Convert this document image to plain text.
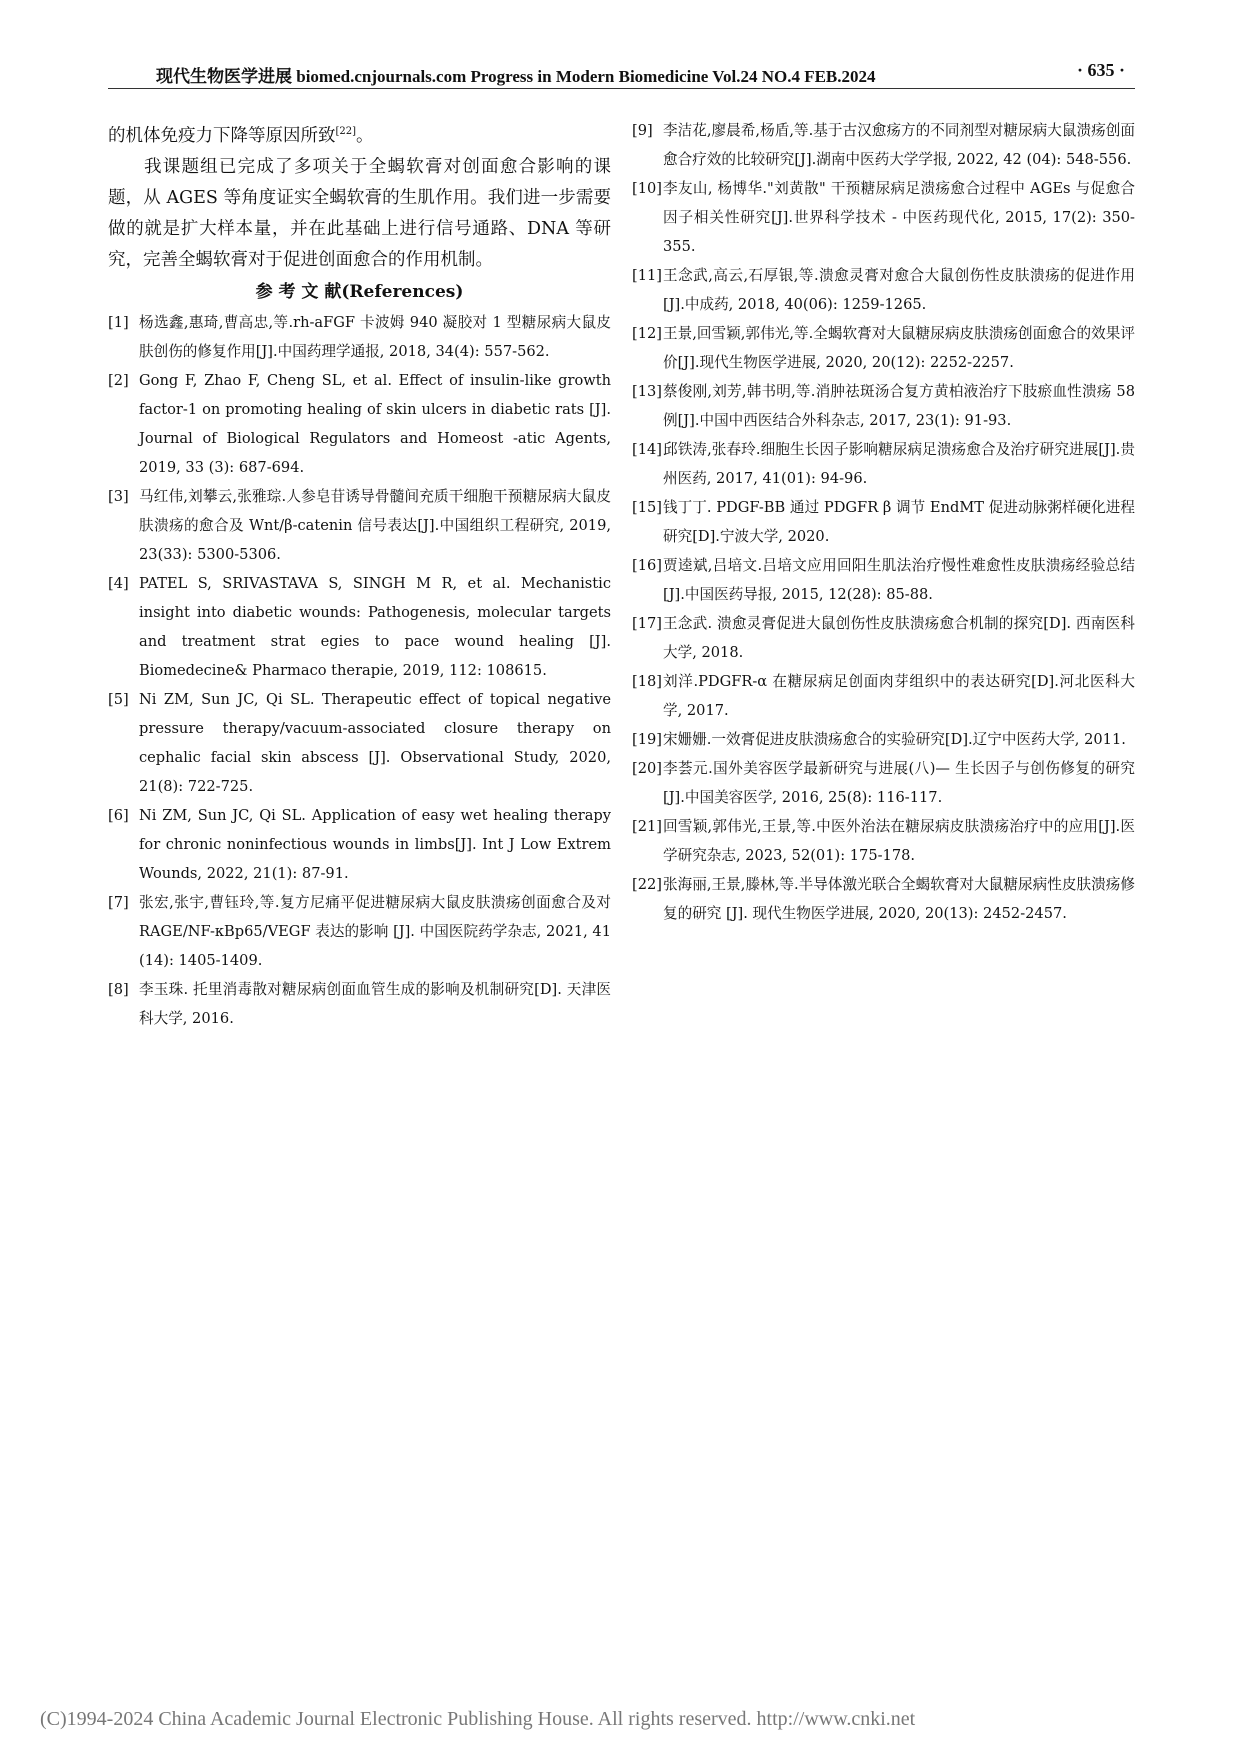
现代生物医学进展 biomed.cnjournals.com Progress in Modern Biomedicine Vol.24 NO.4 FEB.2024	· 635 ·

的机体免疫力下降等原因所致[22]。

我课题组已完成了多项关于全蝎软膏对创面愈合影响的课题，从 AGES 等角度证实全蝎软膏的生肌作用。我们进一步需要做的就是扩大样本量，并在此基础上进行信号通路、DNA 等研究，完善全蝎软膏对于促进创面愈合的作用机制。

参 考 文 献(References)
[1] 杨选鑫,惠琦,曹高忠,等.rh-aFGF 卡波姆 940 凝胶对 1 型糖尿病大鼠皮肤创伤的修复作用[J].中国药理学通报, 2018, 34(4): 557-562.
[2] Gong F, Zhao F, Cheng SL, et al. Effect of insulin-like growth factor-1 on promoting healing of skin ulcers in diabetic rats [J]. Journal of Biological Regulators and Homeost -atic Agents, 2019, 33 (3): 687-694.
[3] 马红伟,刘攀云,张雅琮.人参皂苷诱导骨髓间充质干细胞干预糖尿病大鼠皮肤溃疡的愈合及 Wnt/β-catenin 信号表达[J].中国组织工程研究, 2019, 23(33): 5300-5306.
[4] PATEL S, SRIVASTAVA S, SINGH M R, et al. Mechanistic insight into diabetic wounds: Pathogenesis, molecular targets and treatment strat egies to pace wound healing [J]. Biomedecine& Pharmaco therapie, 2019, 112: 108615.
[5] Ni ZM, Sun JC, Qi SL. Therapeutic effect of topical negative pressure therapy/vacuum-associated closure therapy on cephalic facial skin abscess [J]. Observational Study, 2020, 21(8): 722-725.
[6] Ni ZM, Sun JC, Qi SL. Application of easy wet healing therapy for chronic noninfectious wounds in limbs[J]. Int J Low Extrem Wounds, 2022, 21(1): 87-91.
[7] 张宏,张宇,曹钰玲,等.复方尼痛平促进糖尿病大鼠皮肤溃疡创面愈合及对 RAGE/NF-κBp65/VEGF 表达的影响 [J]. 中国医院药学杂志, 2021, 41 (14): 1405-1409.
[8] 李玉珠. 托里消毒散对糖尿病创面血管生成的影响及机制研究[D]. 天津医科大学, 2016.
[9] 李洁花,廖晨希,杨盾,等.基于古汉愈疡方的不同剂型对糖尿病大鼠溃疡创面愈合疗效的比较研究[J].湖南中医药大学学报, 2022, 42 (04): 548-556.
[10] 李友山, 杨博华."刘黄散" 干预糖尿病足溃疡愈合过程中 AGEs 与促愈合因子相关性研究[J].世界科学技术 - 中医药现代化, 2015, 17(2): 350-355.
[11] 王念武,高云,石厚银,等.溃愈灵膏对愈合大鼠创伤性皮肤溃疡的促进作用[J].中成药, 2018, 40(06): 1259-1265.
[12] 王景,回雪颖,郭伟光,等.全蝎软膏对大鼠糖尿病皮肤溃疡创面愈合的效果评价[J].现代生物医学进展, 2020, 20(12): 2252-2257.
[13] 蔡俊刚,刘芳,韩书明,等.消肿祛斑汤合复方黄柏液治疗下肢瘀血性溃疡 58 例[J].中国中西医结合外科杂志, 2017, 23(1): 91-93.
[14] 邱铁涛,张春玲.细胞生长因子影响糖尿病足溃疡愈合及治疗研究进展[J].贵州医药, 2017, 41(01): 94-96.
[15] 钱丁丁. PDGF-BB 通过 PDGFR β 调节 EndMT 促进动脉粥样硬化进程研究[D].宁波大学, 2020.
[16] 贾逵斌,吕培文.吕培文应用回阳生肌法治疗慢性难愈性皮肤溃疡经验总结[J].中国医药导报, 2015, 12(28): 85-88.
[17] 王念武. 溃愈灵膏促进大鼠创伤性皮肤溃疡愈合机制的探究[D]. 西南医科大学, 2018.
[18] 刘洋.PDGFR-α 在糖尿病足创面肉芽组织中的表达研究[D].河北医科大学, 2017.
[19] 宋姗姗.一效膏促进皮肤溃疡愈合的实验研究[D].辽宁中医药大学, 2011.
[20] 李荟元.国外美容医学最新研究与进展(八)— 生长因子与创伤修复的研究[J].中国美容医学, 2016, 25(8): 116-117.
[21] 回雪颖,郭伟光,王景,等.中医外治法在糖尿病皮肤溃疡治疗中的应用[J].医学研究杂志, 2023, 52(01): 175-178.
[22] 张海丽,王景,滕林,等.半导体激光联合全蝎软膏对大鼠糖尿病性皮肤溃疡修复的研究 [J]. 现代生物医学进展, 2020, 20(13): 2452-2457.
(C)1994-2024 China Academic Journal Electronic Publishing House. All rights reserved. http://www.cnki.net
